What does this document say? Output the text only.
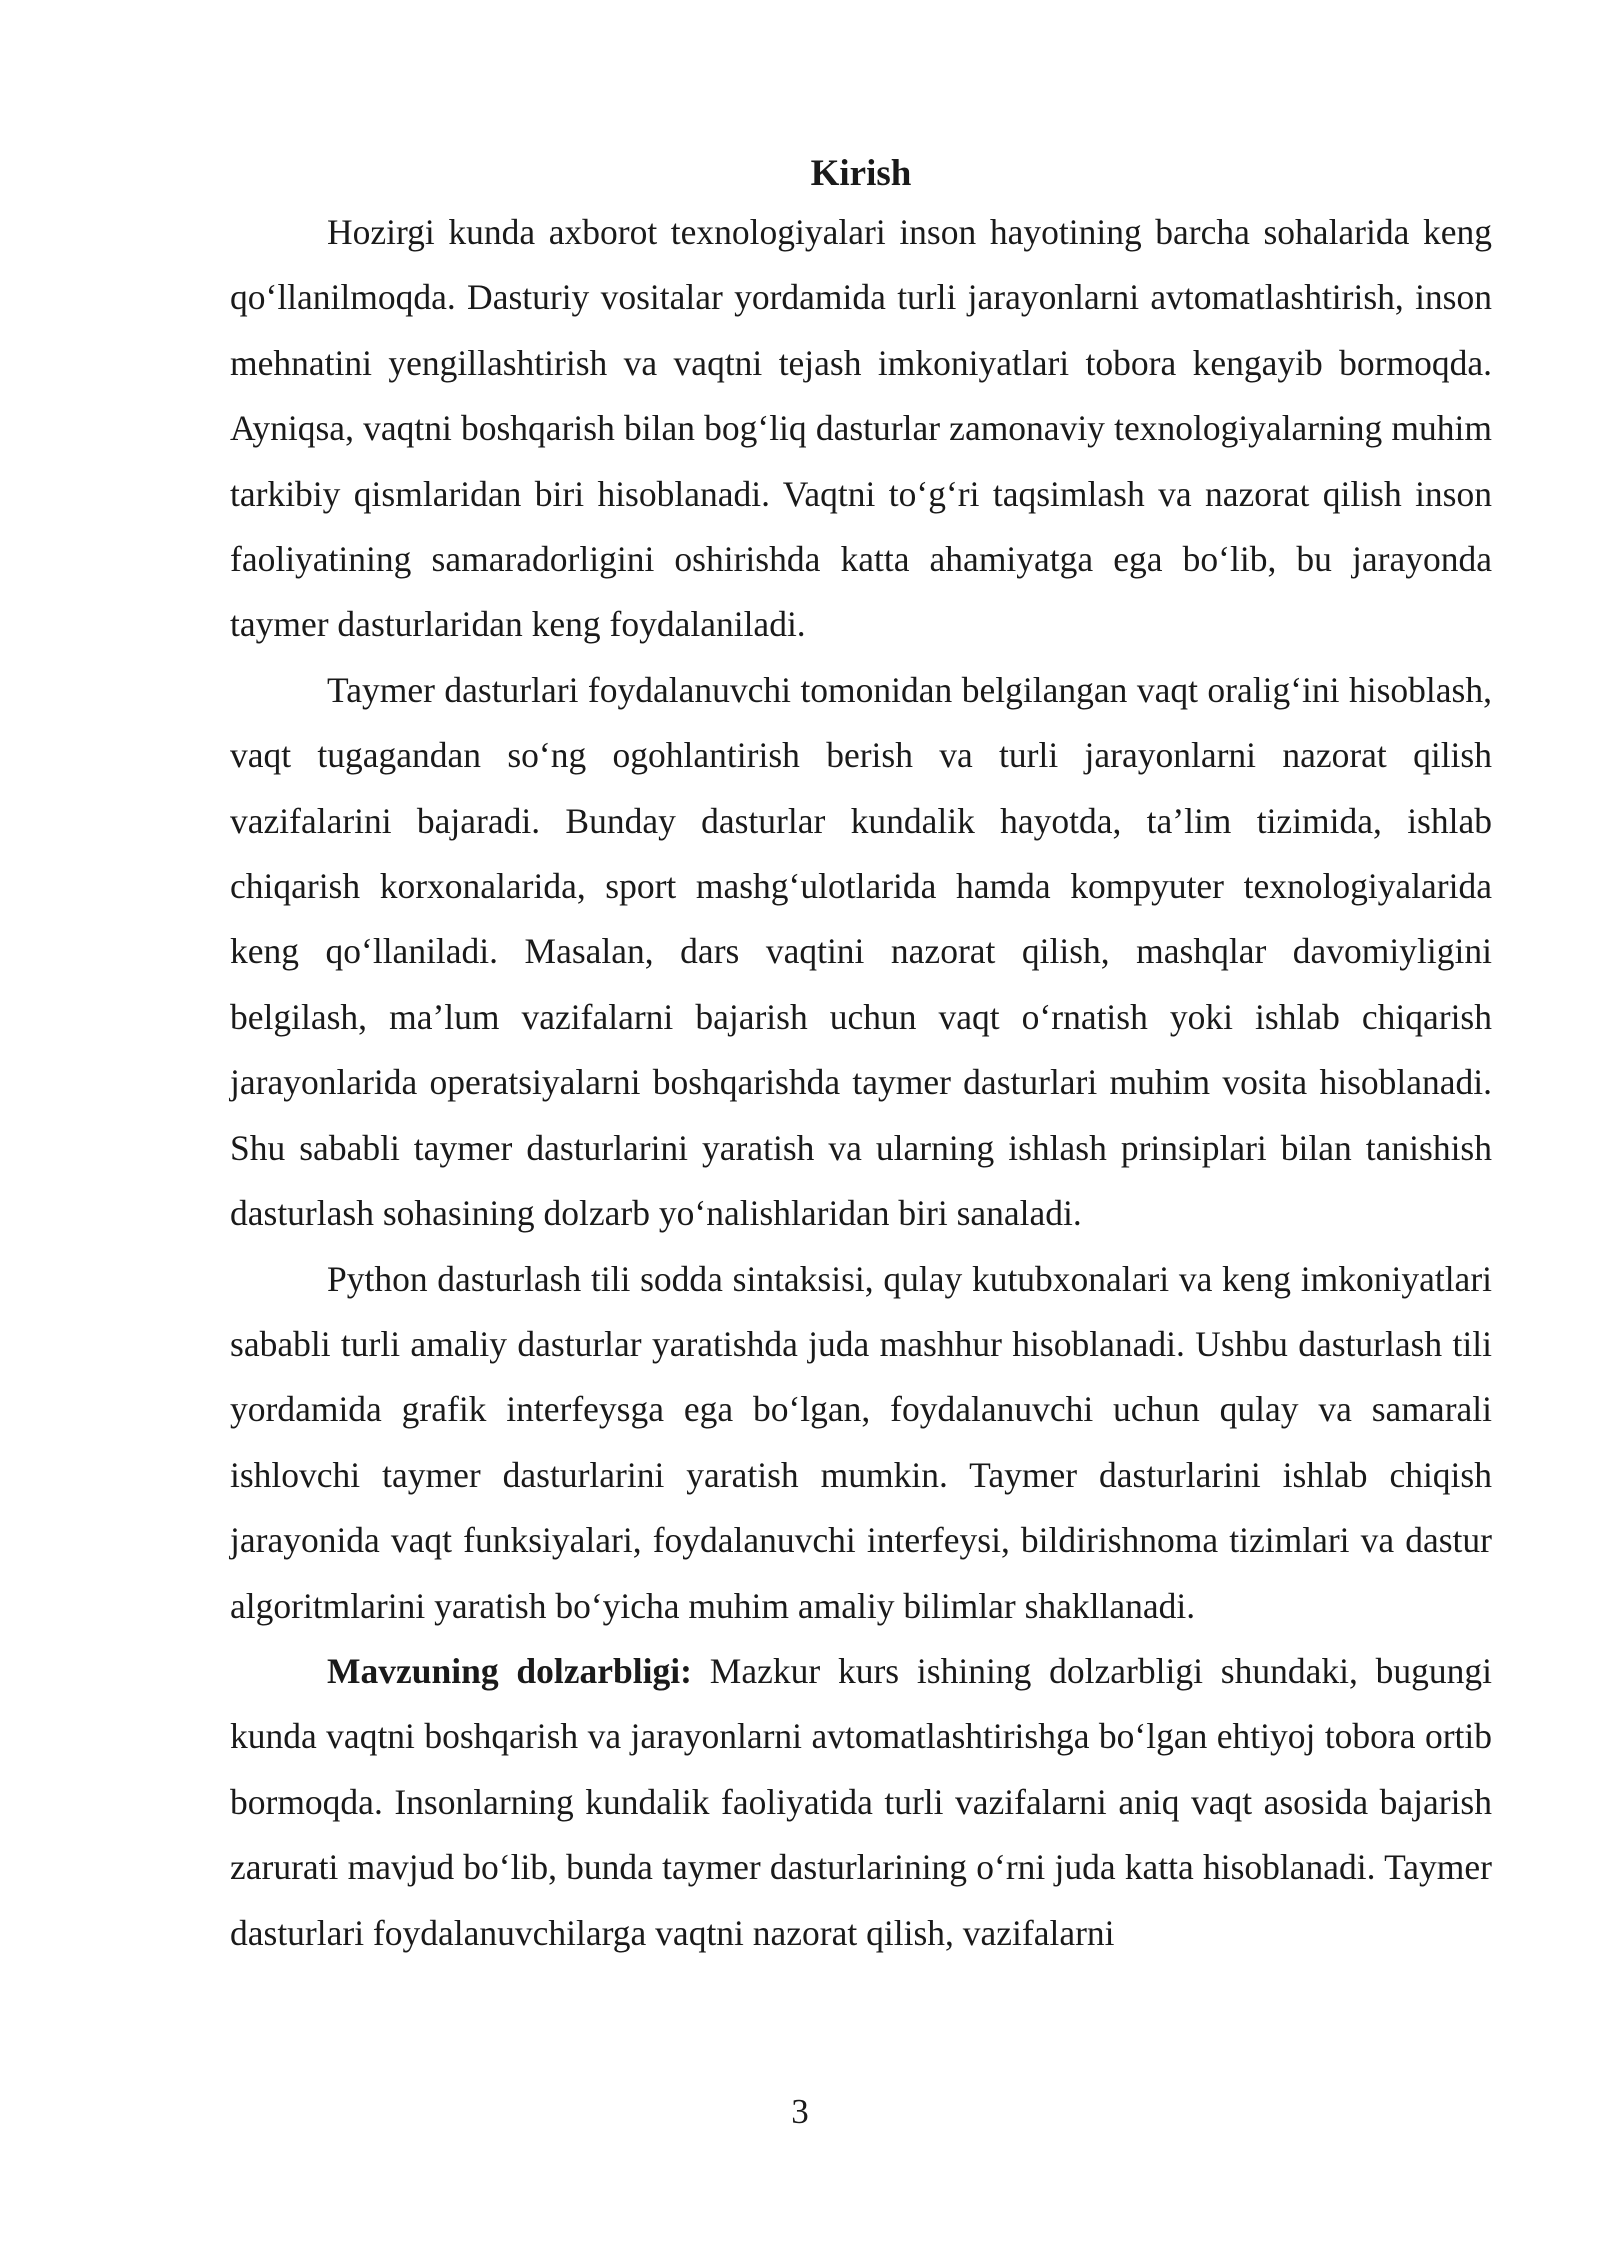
Kirish

Hozirgi kunda axborot texnologiyalari inson hayotining barcha sohalarida keng qo‘llanilmoqda. Dasturiy vositalar yordamida turli jarayonlarni avtomatlashtirish, inson mehnatini yengillashtirish va vaqtni tejash imkoniyatlari tobora kengayib bormoqda. Ayniqsa, vaqtni boshqarish bilan bog‘liq dasturlar zamonaviy texnologiyalarning muhim tarkibiy qismlaridan biri hisoblanadi. Vaqtni to‘g‘ri taqsimlash va nazorat qilish inson faoliyatining samaradorligini oshirishda katta ahamiyatga ega bo‘lib, bu jarayonda taymer dasturlaridan keng foydalaniladi.

Taymer dasturlari foydalanuvchi tomonidan belgilangan vaqt oralig‘ini hisoblash, vaqt tugagandan so‘ng ogohlantirish berish va turli jarayonlarni nazorat qilish vazifalarini bajaradi. Bunday dasturlar kundalik hayotda, ta’lim tizimida, ishlab chiqarish korxonalarida, sport mashg‘ulotlarida hamda kompyuter texnologiyalarida keng qo‘llaniladi. Masalan, dars vaqtini nazorat qilish, mashqlar davomiyligini belgilash, ma’lum vazifalarni bajarish uchun vaqt o‘rnatish yoki ishlab chiqarish jarayonlarida operatsiyalarni boshqarishda taymer dasturlari muhim vosita hisoblanadi. Shu sababli taymer dasturlarini yaratish va ularning ishlash prinsiplari bilan tanishish dasturlash sohasining dolzarb yo‘nalishlaridan biri sanaladi.

Python dasturlash tili sodda sintaksisi, qulay kutubxonalari va keng imkoniyatlari sababli turli amaliy dasturlar yaratishda juda mashhur hisoblanadi. Ushbu dasturlash tili yordamida grafik interfeysga ega bo‘lgan, foydalanuvchi uchun qulay va samarali ishlovchi taymer dasturlarini yaratish mumkin. Taymer dasturlarini ishlab chiqish jarayonida vaqt funksiyalari, foydalanuvchi interfeysi, bildirishnoma tizimlari va dastur algoritmlarini yaratish bo‘yicha muhim amaliy bilimlar shakllanadi.

Mavzuning dolzarbligi: Mazkur kurs ishining dolzarbligi shundaki, bugungi kunda vaqtni boshqarish va jarayonlarni avtomatlashtirishga bo‘lgan ehtiyoj tobora ortib bormoqda. Insonlarning kundalik faoliyatida turli vazifalarni aniq vaqt asosida bajarish zarurati mavjud bo‘lib, bunda taymer dasturlarining o‘rni juda katta hisoblanadi. Taymer dasturlari foydalanuvchilarga vaqtni nazorat qilish, vazifalarni

3
